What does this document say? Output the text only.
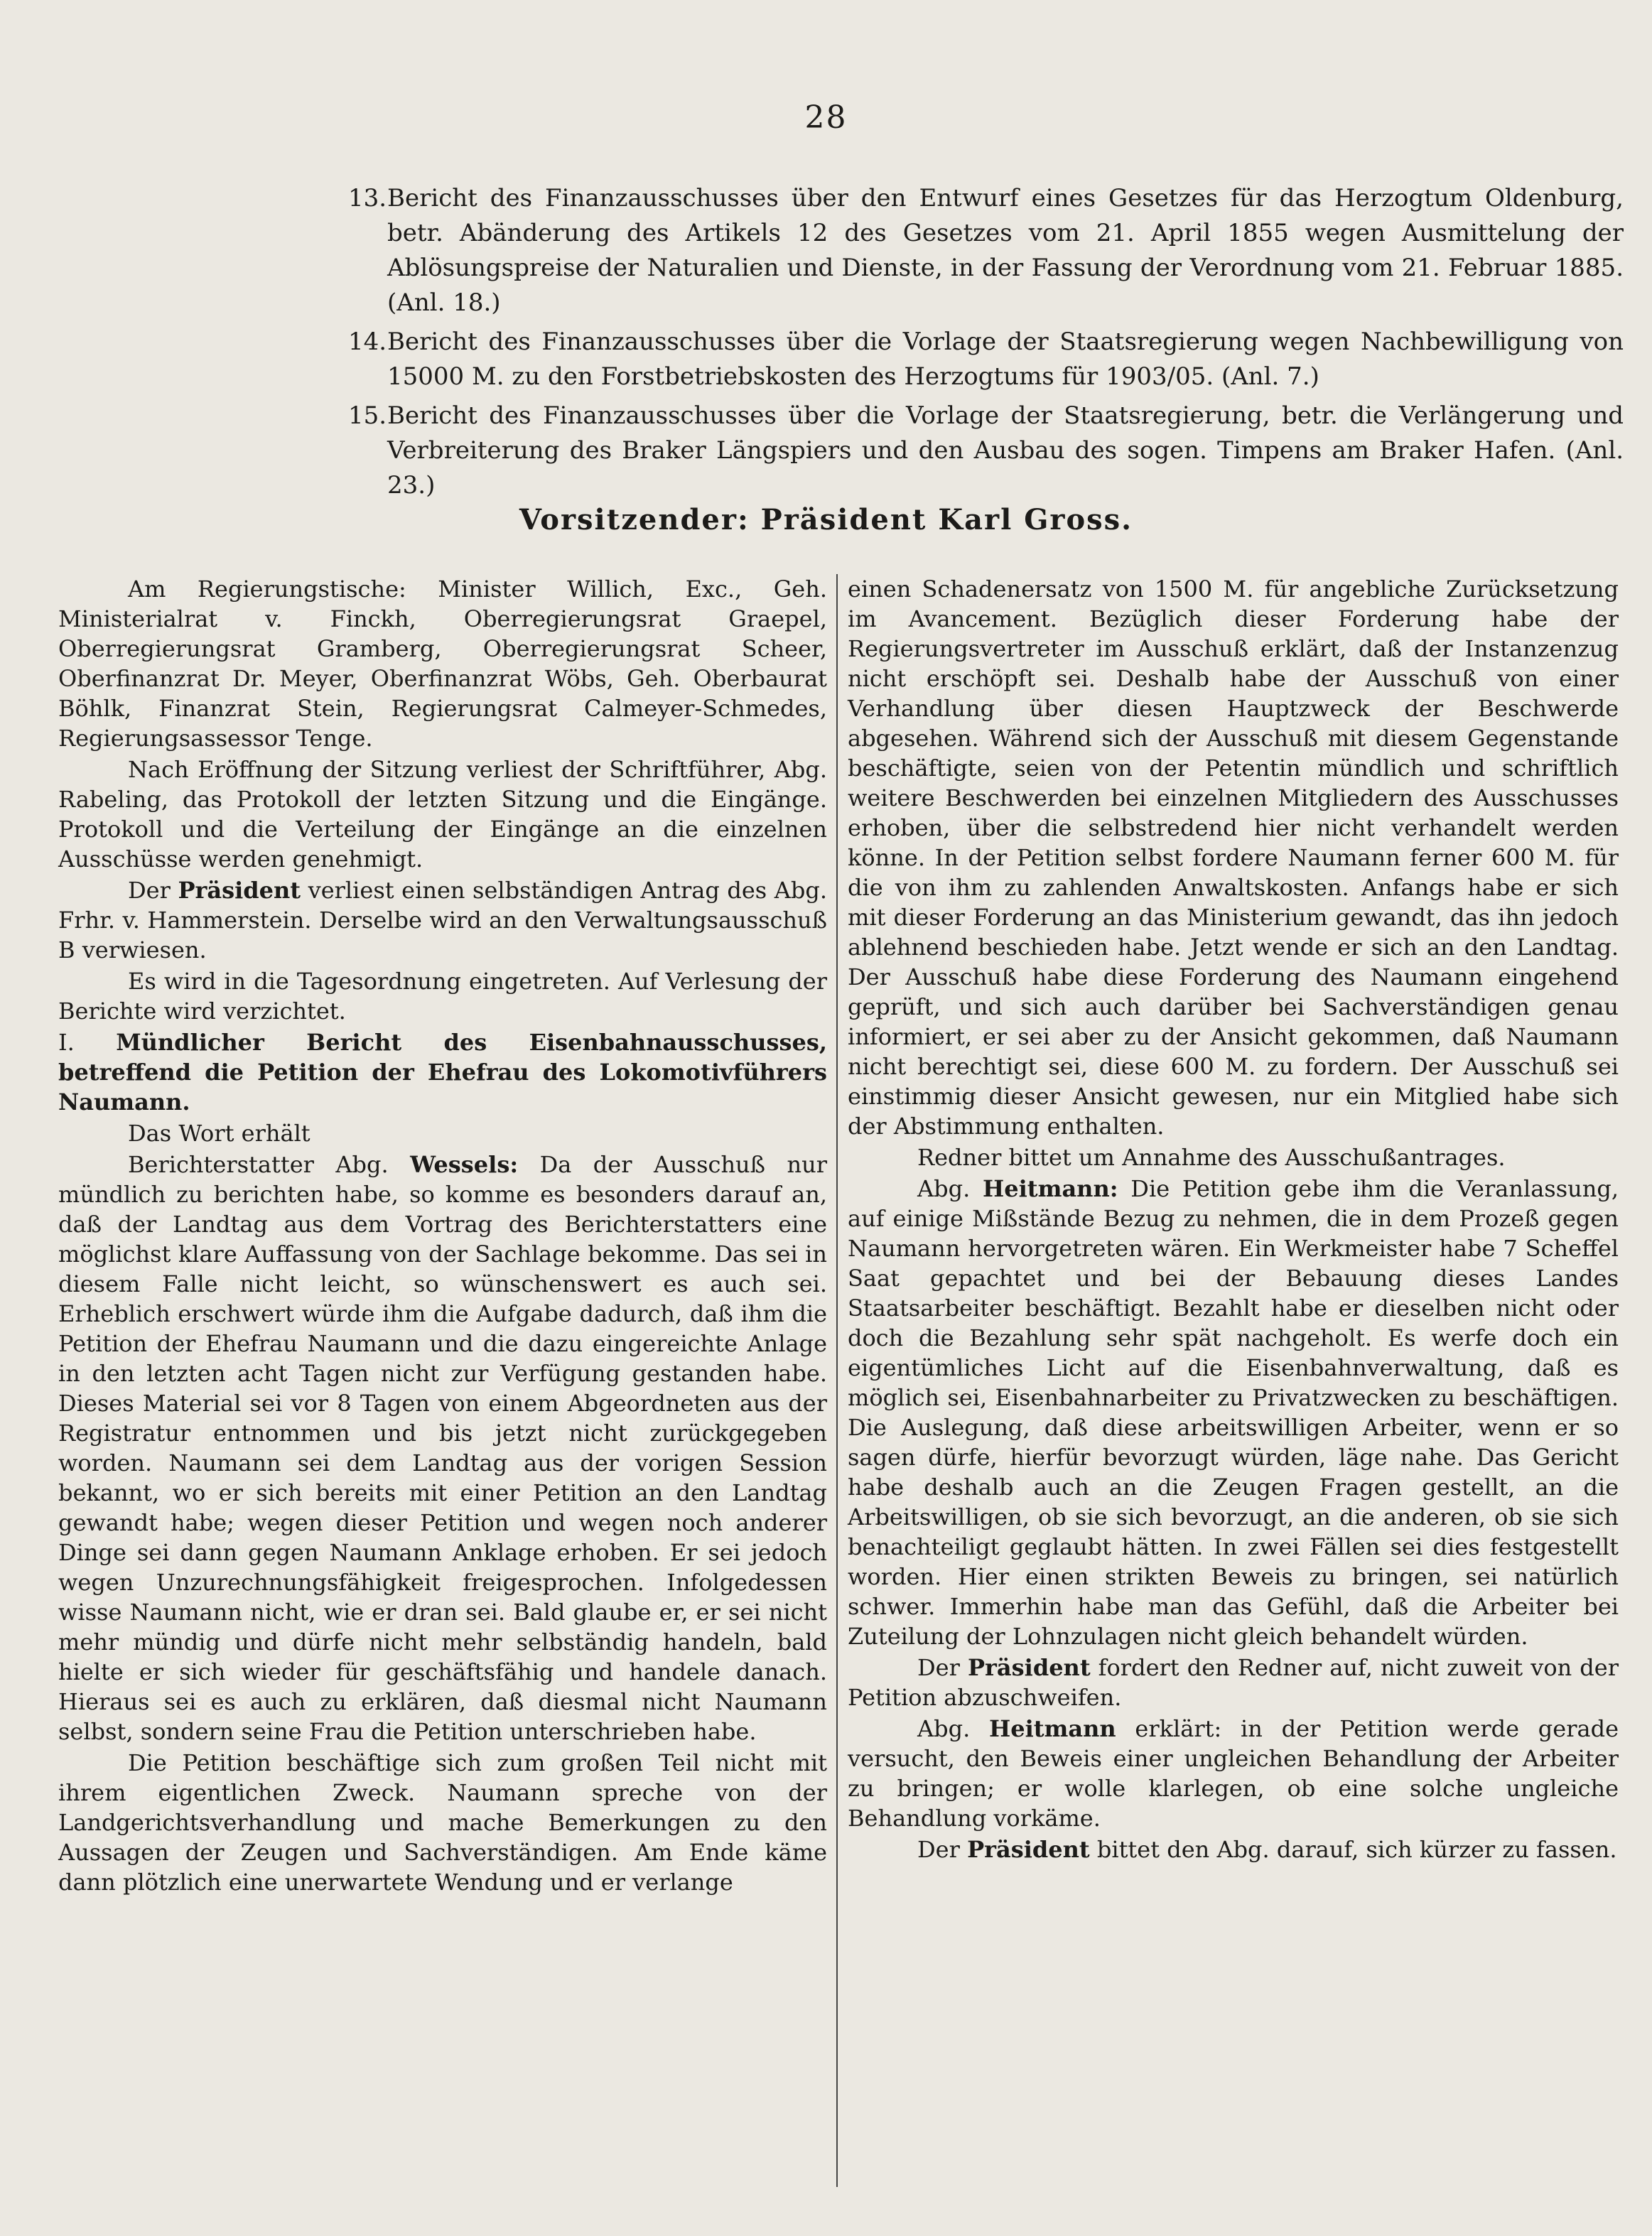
28
13. Bericht des Finanzausschusses über den Entwurf eines Gesetzes für das Herzogtum Oldenburg, betr. Abänderung des Artikels 12 des Gesetzes vom 21. April 1855 wegen Ausmittelung der Ablösungspreise der Naturalien und Dienste, in der Fassung der Verordnung vom 21. Februar 1885. (Anl. 18.)
14. Bericht des Finanzausschusses über die Vorlage der Staatsregierung wegen Nachbewilligung von 15000 M. zu den Forstbetriebskosten des Herzogtums für 1903/05. (Anl. 7.)
15. Bericht des Finanzausschusses über die Vorlage der Staatsregierung, betr. die Verlängerung und Verbreiterung des Braker Längspiers und den Ausbau des sogen. Timpens am Braker Hafen. (Anl. 23.)
Vorsitzender: Präsident Karl Gross.

Am Regierungstische: Minister Willich, Exc., Geh. Ministerialrat v. Finckh, Oberregierungsrat Graepel, Oberregierungsrat Gramberg, Oberregierungsrat Scheer, Oberfinanzrat Dr. Meyer, Oberfinanzrat Wöbs, Geh. Oberbaurat Böhlk, Finanzrat Stein, Regierungsrat Calmeyer-Schmedes, Regierungsassessor Tenge.

Nach Eröffnung der Sitzung verliest der Schriftführer, Abg. Rabeling, das Protokoll der letzten Sitzung und die Eingänge. Protokoll und die Verteilung der Eingänge an die einzelnen Ausschüsse werden genehmigt.

Der Präsident verliest einen selbständigen Antrag des Abg. Frhr. v. Hammerstein. Derselbe wird an den Verwaltungsausschuß B verwiesen.

Es wird in die Tagesordnung eingetreten. Auf Verlesung der Berichte wird verzichtet.

I. Mündlicher Bericht des Eisenbahnausschusses, betreffend die Petition der Ehefrau des Lokomotivführers Naumann.

Das Wort erhält

Berichterstatter Abg. Wessels: Da der Ausschuß nur mündlich zu berichten habe, so komme es besonders darauf an, daß der Landtag aus dem Vortrag des Berichterstatters eine möglichst klare Auffassung von der Sachlage bekomme. Das sei in diesem Falle nicht leicht, so wünschenswert es auch sei. Erheblich erschwert würde ihm die Aufgabe dadurch, daß ihm die Petition der Ehefrau Naumann und die dazu eingereichte Anlage in den letzten acht Tagen nicht zur Verfügung gestanden habe. Dieses Material sei vor 8 Tagen von einem Abgeordneten aus der Registratur entnommen und bis jetzt nicht zurückgegeben worden. Naumann sei dem Landtag aus der vorigen Session bekannt, wo er sich bereits mit einer Petition an den Landtag gewandt habe; wegen dieser Petition und wegen noch anderer Dinge sei dann gegen Naumann Anklage erhoben. Er sei jedoch wegen Unzurechnungsfähigkeit freigesprochen. Infolgedessen wisse Naumann nicht, wie er dran sei. Bald glaube er, er sei nicht mehr mündig und dürfe nicht mehr selbständig handeln, bald hielte er sich wieder für geschäftsfähig und handele danach. Hieraus sei es auch zu erklären, daß diesmal nicht Naumann selbst, sondern seine Frau die Petition unterschrieben habe.

Die Petition beschäftige sich zum großen Teil nicht mit ihrem eigentlichen Zweck. Naumann spreche von der Landgerichtsverhandlung und mache Bemerkungen zu den Aussagen der Zeugen und Sachverständigen. Am Ende käme dann plötzlich eine unerwartete Wendung und er verlange

einen Schadenersatz von 1500 M. für angebliche Zurücksetzung im Avancement. Bezüglich dieser Forderung habe der Regierungsvertreter im Ausschuß erklärt, daß der Instanzenzug nicht erschöpft sei. Deshalb habe der Ausschuß von einer Verhandlung über diesen Hauptzweck der Beschwerde abgesehen. Während sich der Ausschuß mit diesem Gegenstande beschäftigte, seien von der Petentin mündlich und schriftlich weitere Beschwerden bei einzelnen Mitgliedern des Ausschusses erhoben, über die selbstredend hier nicht verhandelt werden könne. In der Petition selbst fordere Naumann ferner 600 M. für die von ihm zu zahlenden Anwaltskosten. Anfangs habe er sich mit dieser Forderung an das Ministerium gewandt, das ihn jedoch ablehnend beschieden habe. Jetzt wende er sich an den Landtag. Der Ausschuß habe diese Forderung des Naumann eingehend geprüft, und sich auch darüber bei Sachverständigen genau informiert, er sei aber zu der Ansicht gekommen, daß Naumann nicht berechtigt sei, diese 600 M. zu fordern. Der Ausschuß sei einstimmig dieser Ansicht gewesen, nur ein Mitglied habe sich der Abstimmung enthalten.

Redner bittet um Annahme des Ausschußantrages.

Abg. Heitmann: Die Petition gebe ihm die Veranlassung, auf einige Mißstände Bezug zu nehmen, die in dem Prozeß gegen Naumann hervorgetreten wären. Ein Werkmeister habe 7 Scheffel Saat gepachtet und bei der Bebauung dieses Landes Staatsarbeiter beschäftigt. Bezahlt habe er dieselben nicht oder doch die Bezahlung sehr spät nachgeholt. Es werfe doch ein eigentümliches Licht auf die Eisenbahnverwaltung, daß es möglich sei, Eisenbahnarbeiter zu Privatzwecken zu beschäftigen. Die Auslegung, daß diese arbeitswilligen Arbeiter, wenn er so sagen dürfe, hierfür bevorzugt würden, läge nahe. Das Gericht habe deshalb auch an die Zeugen Fragen gestellt, an die Arbeitswilligen, ob sie sich bevorzugt, an die anderen, ob sie sich benachteiligt geglaubt hätten. In zwei Fällen sei dies festgestellt worden. Hier einen strikten Beweis zu bringen, sei natürlich schwer. Immerhin habe man das Gefühl, daß die Arbeiter bei Zuteilung der Lohnzulagen nicht gleich behandelt würden.

Der Präsident fordert den Redner auf, nicht zuweit von der Petition abzuschweifen.

Abg. Heitmann erklärt: in der Petition werde gerade versucht, den Beweis einer ungleichen Behandlung der Arbeiter zu bringen; er wolle klarlegen, ob eine solche ungleiche Behandlung vorkäme.

Der Präsident bittet den Abg. darauf, sich kürzer zu fassen.
